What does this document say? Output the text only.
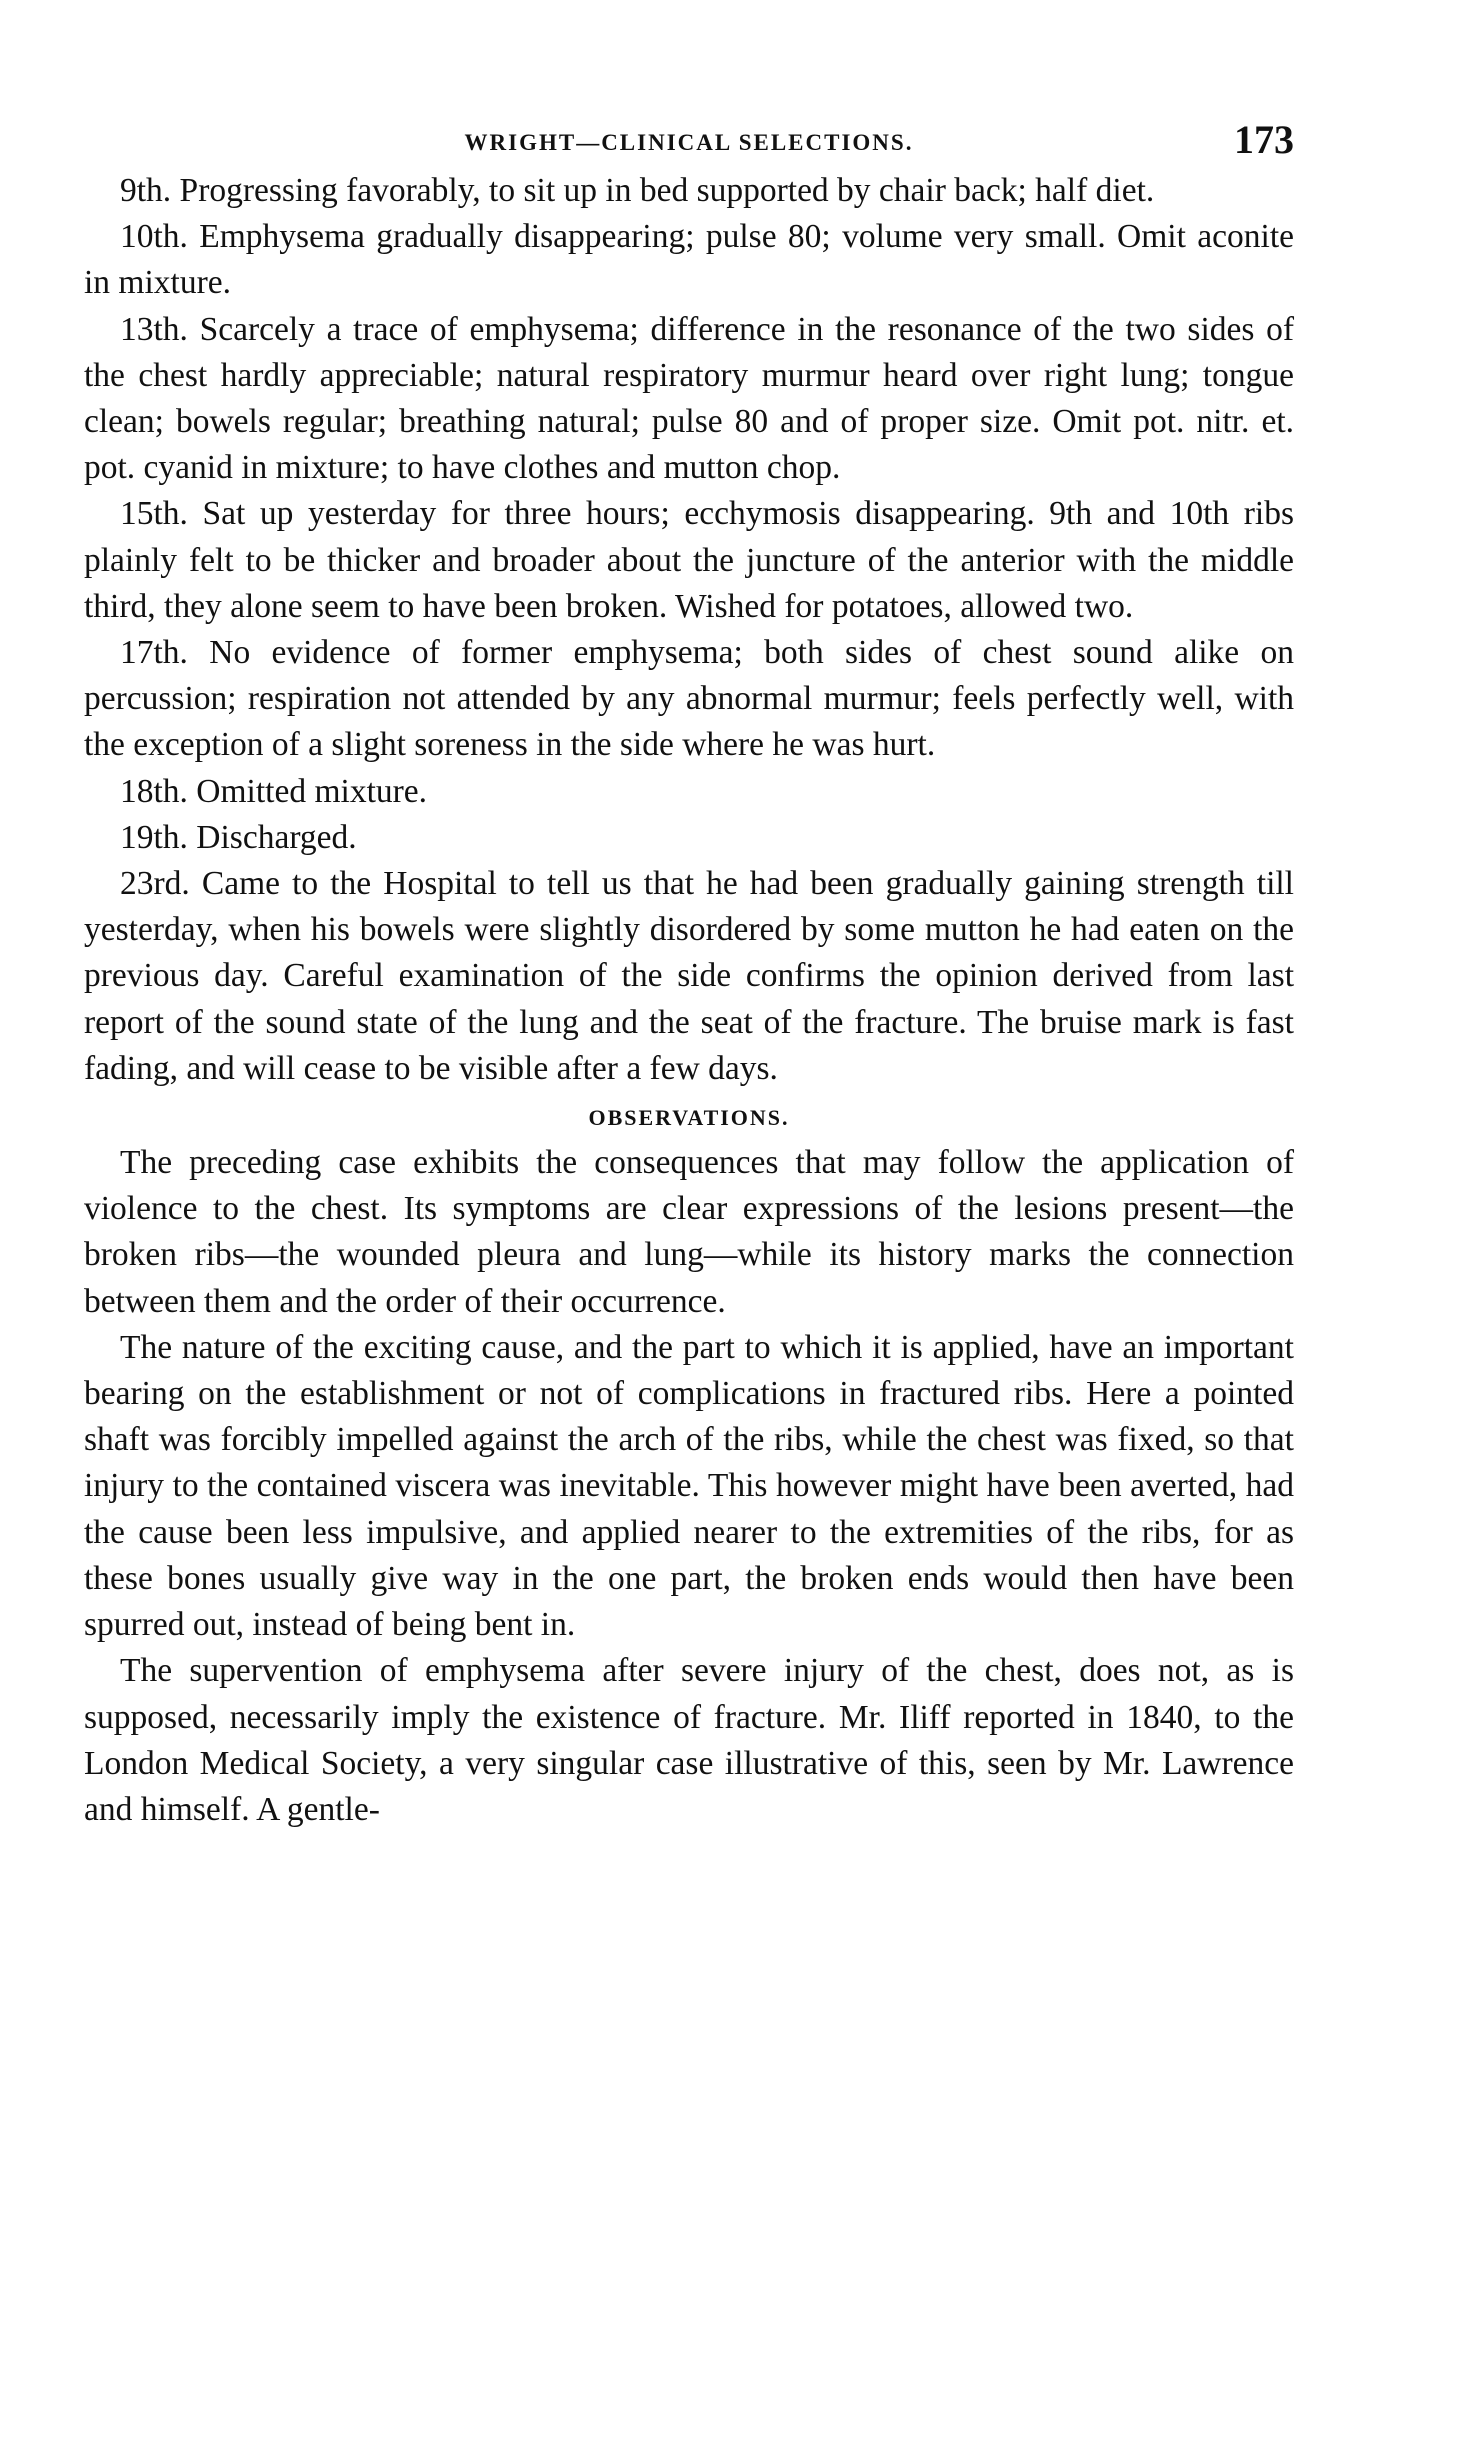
WRIGHT—CLINICAL SELECTIONS.	173

9th. Progressing favorably, to sit up in bed supported by chair back; half diet.

10th. Emphysema gradually disappearing; pulse 80; volume very small. Omit aconite in mixture.

13th. Scarcely a trace of emphysema; difference in the resonance of the two sides of the chest hardly appreciable; natural respiratory murmur heard over right lung; tongue clean; bowels regular; breathing natural; pulse 80 and of proper size. Omit pot. nitr. et. pot. cyanid in mixture; to have clothes and mutton chop.

15th. Sat up yesterday for three hours; ecchymosis disappearing. 9th and 10th ribs plainly felt to be thicker and broader about the juncture of the anterior with the middle third, they alone seem to have been broken. Wished for potatoes, allowed two.

17th. No evidence of former emphysema; both sides of chest sound alike on percussion; respiration not attended by any abnormal murmur; feels perfectly well, with the exception of a slight soreness in the side where he was hurt.

18th. Omitted mixture.

19th. Discharged.

23rd. Came to the Hospital to tell us that he had been gradually gaining strength till yesterday, when his bowels were slightly disordered by some mutton he had eaten on the previous day. Careful examination of the side confirms the opinion derived from last report of the sound state of the lung and the seat of the fracture. The bruise mark is fast fading, and will cease to be visible after a few days.

OBSERVATIONS.

The preceding case exhibits the consequences that may follow the application of violence to the chest. Its symptoms are clear expressions of the lesions present—the broken ribs—the wounded pleura and lung—while its history marks the connection between them and the order of their occurrence.

The nature of the exciting cause, and the part to which it is applied, have an important bearing on the establishment or not of complications in fractured ribs. Here a pointed shaft was forcibly impelled against the arch of the ribs, while the chest was fixed, so that injury to the contained viscera was inevitable. This however might have been averted, had the cause been less impulsive, and applied nearer to the extremities of the ribs, for as these bones usually give way in the one part, the broken ends would then have been spurred out, instead of being bent in.

The supervention of emphysema after severe injury of the chest, does not, as is supposed, necessarily imply the existence of fracture. Mr. Iliff reported in 1840, to the London Medical Society, a very singular case illustrative of this, seen by Mr. Lawrence and himself. A gentle-
